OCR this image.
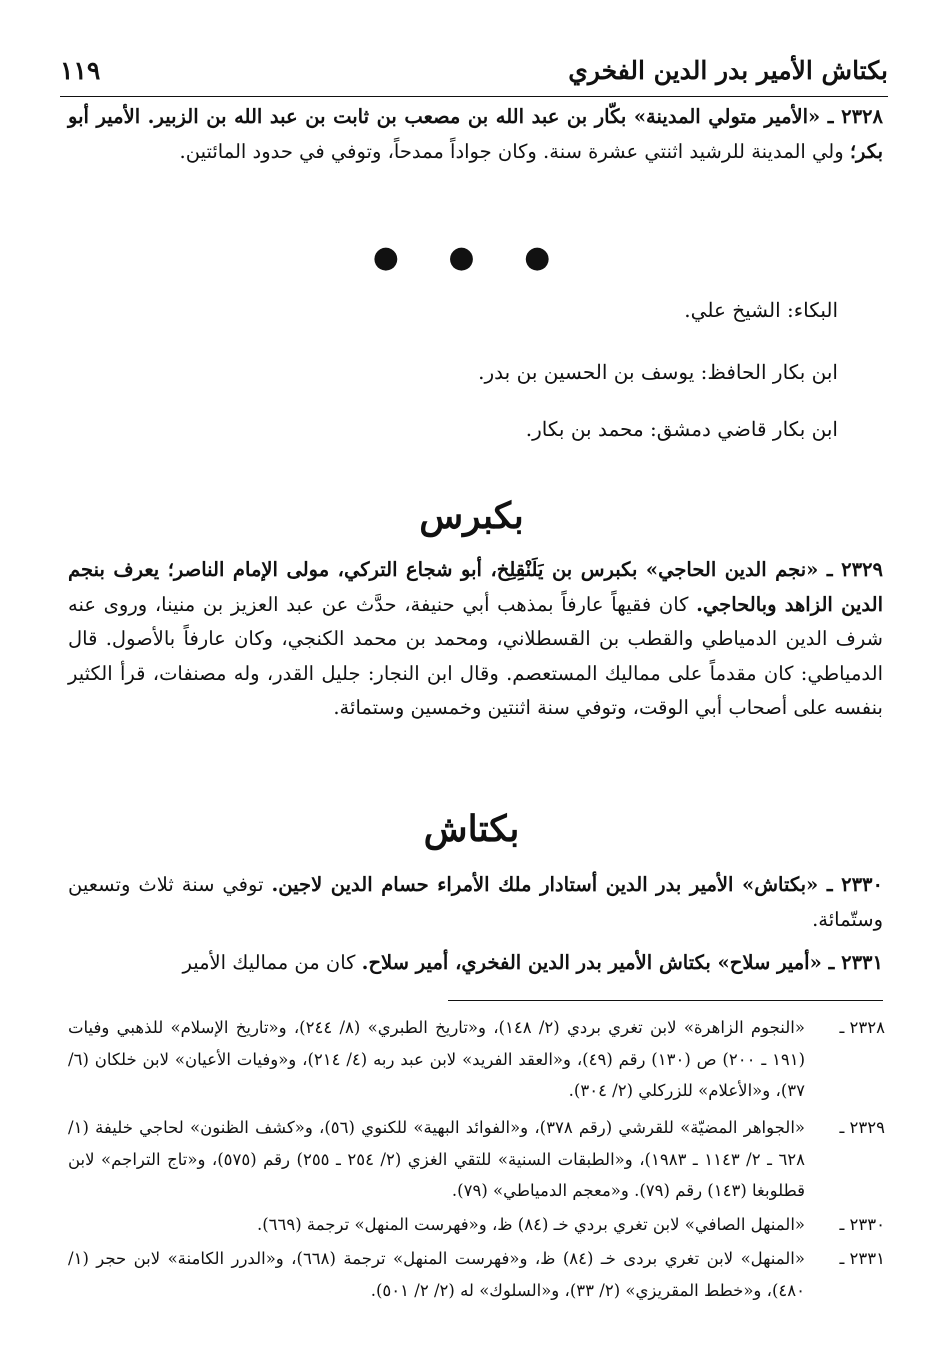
بكتاش الأمير بدر الدين الفخري
١١٩

٢٣٢٨ ـ «الأمير متولي المدينة» بكّار بن عبد الله بن مصعب بن ثابت بن عبد الله بن الزبير. الأمير أبو بكر؛ ولي المدينة للرشيد اثنتي عشرة سنة. وكان جواداً ممدحاً، وتوفي في حدود المائتين.

● ● ●
البكاء: الشيخ علي.
ابن بكار الحافظ: يوسف بن الحسين بن بدر.
ابن بكار قاضي دمشق: محمد بن بكار.
بكبرس

٢٣٢٩ ـ «نجم الدين الحاجي» بكبرس بن يَلَنْقِلِخ، أبو شجاع التركي، مولى الإمام الناصر؛ يعرف بنجم الدين الزاهد وبالحاجي. كان فقيهاً عارفاً بمذهب أبي حنيفة، حدَّث عن عبد العزيز بن منينا، وروى عنه شرف الدين الدمياطي والقطب بن القسطلاني، ومحمد بن محمد الكنجي، وكان عارفاً بالأصول. قال الدمياطي: كان مقدماً على مماليك المستعصم. وقال ابن النجار: جليل القدر، وله مصنفات، قرأ الكثير بنفسه على أصحاب أبي الوقت، وتوفي سنة اثنتين وخمسين وستمائة.

بكتاش

٢٣٣٠ ـ «بكتاش» الأمير بدر الدين أستادار ملك الأمراء حسام الدين لاجين. توفي سنة ثلاث وتسعين وستّمائة.

٢٣٣١ ـ «أمير سلاح» بكتاش الأمير بدر الدين الفخري، أمير سلاح. كان من مماليك الأمير

٢٣٢٨ ـ
«النجوم الزاهرة» لابن تغري بردي (٢/ ١٤٨)، و«تاريخ الطبري» (٨/ ٢٤٤)، و«تاريخ الإسلام» للذهبي وفيات (١٩١ ـ ٢٠٠) ص (١٣٠) رقم (٤٩)، و«العقد الفريد» لابن عبد ربه (٤/ ٢١٤)، و«وفيات الأعيان» لابن خلكان (٦/ ٣٧)، و«الأعلام» للزركلي (٢/ ٣٠٤).
٢٣٢٩ ـ
«الجواهر المضيّة» للقرشي (رقم ٣٧٨)، و«الفوائد البهية» للكنوي (٥٦)، و«كشف الظنون» لحاجي خليفة (١/ ٦٢٨ ـ ٢/ ١١٤٣ ـ ١٩٨٣)، و«الطبقات السنية» للتقي الغزي (٢/ ٢٥٤ ـ ٢٥٥) رقم (٥٧٥)، و«تاج التراجم» لابن قطلوبغا (١٤٣) رقم (٧٩). و«معجم الدمياطي» (٧٩).
٢٣٣٠ ـ
«المنهل الصافي» لابن تغري بردي خـ (٨٤) ظ، و«فهرست المنهل» ترجمة (٦٦٩).
٢٣٣١ ـ
«المنهل» لابن تغري بردى خـ (٨٤) ظ، و«فهرست المنهل» ترجمة (٦٦٨)، و«الدرر الكامنة» لابن حجر (١/ ٤٨٠)، و«خطط المقريزي» (٢/ ٣٣)، و«السلوك» له (٢/ ٢/ ٥٠١).
